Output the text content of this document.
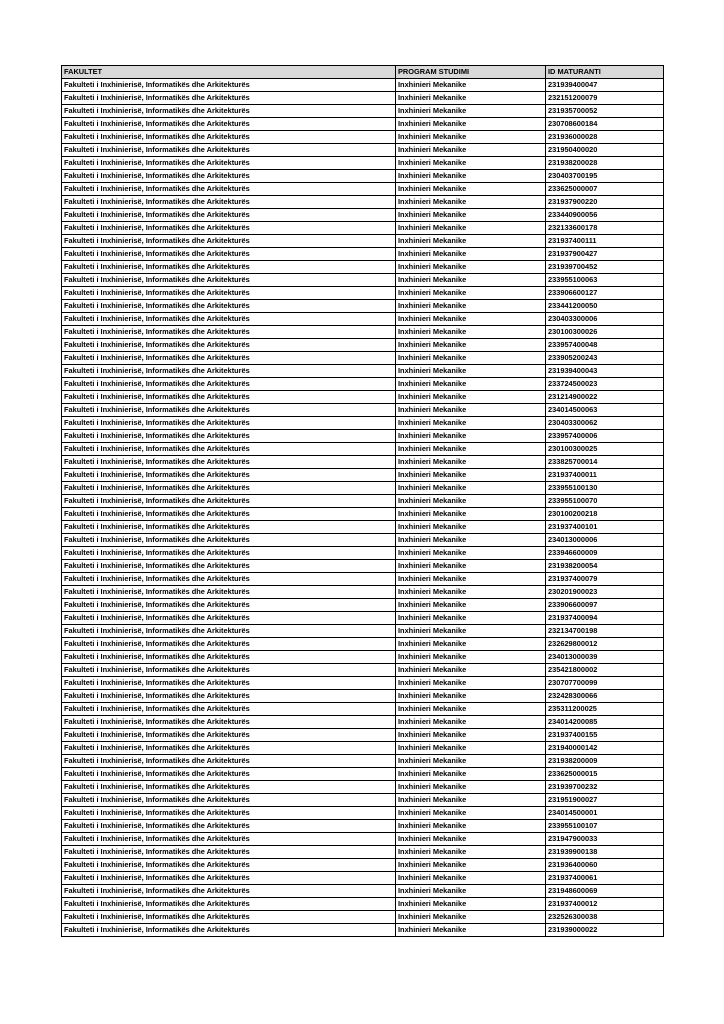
FAKULTET	PROGRAM STUDIMI	ID MATURANTI
Fakulteti i Inxhinierisë, Informatikës dhe Arkitekturës	Inxhinieri Mekanike	231939400047
Fakulteti i Inxhinierisë, Informatikës dhe Arkitekturës	Inxhinieri Mekanike	232151200079
Fakulteti i Inxhinierisë, Informatikës dhe Arkitekturës	Inxhinieri Mekanike	231935700052
Fakulteti i Inxhinierisë, Informatikës dhe Arkitekturës	Inxhinieri Mekanike	230708600184
Fakulteti i Inxhinierisë, Informatikës dhe Arkitekturës	Inxhinieri Mekanike	231936000028
Fakulteti i Inxhinierisë, Informatikës dhe Arkitekturës	Inxhinieri Mekanike	231950400020
Fakulteti i Inxhinierisë, Informatikës dhe Arkitekturës	Inxhinieri Mekanike	231938200028
Fakulteti i Inxhinierisë, Informatikës dhe Arkitekturës	Inxhinieri Mekanike	230403700195
Fakulteti i Inxhinierisë, Informatikës dhe Arkitekturës	Inxhinieri Mekanike	233625000007
Fakulteti i Inxhinierisë, Informatikës dhe Arkitekturës	Inxhinieri Mekanike	231937900220
Fakulteti i Inxhinierisë, Informatikës dhe Arkitekturës	Inxhinieri Mekanike	233440900056
Fakulteti i Inxhinierisë, Informatikës dhe Arkitekturës	Inxhinieri Mekanike	232133600178
Fakulteti i Inxhinierisë, Informatikës dhe Arkitekturës	Inxhinieri Mekanike	231937400111
Fakulteti i Inxhinierisë, Informatikës dhe Arkitekturës	Inxhinieri Mekanike	231937900427
Fakulteti i Inxhinierisë, Informatikës dhe Arkitekturës	Inxhinieri Mekanike	231939700452
Fakulteti i Inxhinierisë, Informatikës dhe Arkitekturës	Inxhinieri Mekanike	233955100063
Fakulteti i Inxhinierisë, Informatikës dhe Arkitekturës	Inxhinieri Mekanike	233906600127
Fakulteti i Inxhinierisë, Informatikës dhe Arkitekturës	Inxhinieri Mekanike	233441200050
Fakulteti i Inxhinierisë, Informatikës dhe Arkitekturës	Inxhinieri Mekanike	230403300006
Fakulteti i Inxhinierisë, Informatikës dhe Arkitekturës	Inxhinieri Mekanike	230100300026
Fakulteti i Inxhinierisë, Informatikës dhe Arkitekturës	Inxhinieri Mekanike	233957400048
Fakulteti i Inxhinierisë, Informatikës dhe Arkitekturës	Inxhinieri Mekanike	233905200243
Fakulteti i Inxhinierisë, Informatikës dhe Arkitekturës	Inxhinieri Mekanike	231939400043
Fakulteti i Inxhinierisë, Informatikës dhe Arkitekturës	Inxhinieri Mekanike	233724500023
Fakulteti i Inxhinierisë, Informatikës dhe Arkitekturës	Inxhinieri Mekanike	231214900022
Fakulteti i Inxhinierisë, Informatikës dhe Arkitekturës	Inxhinieri Mekanike	234014500063
Fakulteti i Inxhinierisë, Informatikës dhe Arkitekturës	Inxhinieri Mekanike	230403300062
Fakulteti i Inxhinierisë, Informatikës dhe Arkitekturës	Inxhinieri Mekanike	233957400006
Fakulteti i Inxhinierisë, Informatikës dhe Arkitekturës	Inxhinieri Mekanike	230100300025
Fakulteti i Inxhinierisë, Informatikës dhe Arkitekturës	Inxhinieri Mekanike	233825700014
Fakulteti i Inxhinierisë, Informatikës dhe Arkitekturës	Inxhinieri Mekanike	231937400011
Fakulteti i Inxhinierisë, Informatikës dhe Arkitekturës	Inxhinieri Mekanike	233955100130
Fakulteti i Inxhinierisë, Informatikës dhe Arkitekturës	Inxhinieri Mekanike	233955100070
Fakulteti i Inxhinierisë, Informatikës dhe Arkitekturës	Inxhinieri Mekanike	230100200218
Fakulteti i Inxhinierisë, Informatikës dhe Arkitekturës	Inxhinieri Mekanike	231937400101
Fakulteti i Inxhinierisë, Informatikës dhe Arkitekturës	Inxhinieri Mekanike	234013000006
Fakulteti i Inxhinierisë, Informatikës dhe Arkitekturës	Inxhinieri Mekanike	233946600009
Fakulteti i Inxhinierisë, Informatikës dhe Arkitekturës	Inxhinieri Mekanike	231938200054
Fakulteti i Inxhinierisë, Informatikës dhe Arkitekturës	Inxhinieri Mekanike	231937400079
Fakulteti i Inxhinierisë, Informatikës dhe Arkitekturës	Inxhinieri Mekanike	230201900023
Fakulteti i Inxhinierisë, Informatikës dhe Arkitekturës	Inxhinieri Mekanike	233906600097
Fakulteti i Inxhinierisë, Informatikës dhe Arkitekturës	Inxhinieri Mekanike	231937400094
Fakulteti i Inxhinierisë, Informatikës dhe Arkitekturës	Inxhinieri Mekanike	232134700198
Fakulteti i Inxhinierisë, Informatikës dhe Arkitekturës	Inxhinieri Mekanike	232629800012
Fakulteti i Inxhinierisë, Informatikës dhe Arkitekturës	Inxhinieri Mekanike	234013000039
Fakulteti i Inxhinierisë, Informatikës dhe Arkitekturës	Inxhinieri Mekanike	235421800002
Fakulteti i Inxhinierisë, Informatikës dhe Arkitekturës	Inxhinieri Mekanike	230707700099
Fakulteti i Inxhinierisë, Informatikës dhe Arkitekturës	Inxhinieri Mekanike	232428300066
Fakulteti i Inxhinierisë, Informatikës dhe Arkitekturës	Inxhinieri Mekanike	235311200025
Fakulteti i Inxhinierisë, Informatikës dhe Arkitekturës	Inxhinieri Mekanike	234014200085
Fakulteti i Inxhinierisë, Informatikës dhe Arkitekturës	Inxhinieri Mekanike	231937400155
Fakulteti i Inxhinierisë, Informatikës dhe Arkitekturës	Inxhinieri Mekanike	231940000142
Fakulteti i Inxhinierisë, Informatikës dhe Arkitekturës	Inxhinieri Mekanike	231938200009
Fakulteti i Inxhinierisë, Informatikës dhe Arkitekturës	Inxhinieri Mekanike	233625000015
Fakulteti i Inxhinierisë, Informatikës dhe Arkitekturës	Inxhinieri Mekanike	231939700232
Fakulteti i Inxhinierisë, Informatikës dhe Arkitekturës	Inxhinieri Mekanike	231951900027
Fakulteti i Inxhinierisë, Informatikës dhe Arkitekturës	Inxhinieri Mekanike	234014500001
Fakulteti i Inxhinierisë, Informatikës dhe Arkitekturës	Inxhinieri Mekanike	233955100107
Fakulteti i Inxhinierisë, Informatikës dhe Arkitekturës	Inxhinieri Mekanike	231947900033
Fakulteti i Inxhinierisë, Informatikës dhe Arkitekturës	Inxhinieri Mekanike	231939900138
Fakulteti i Inxhinierisë, Informatikës dhe Arkitekturës	Inxhinieri Mekanike	231936400060
Fakulteti i Inxhinierisë, Informatikës dhe Arkitekturës	Inxhinieri Mekanike	231937400061
Fakulteti i Inxhinierisë, Informatikës dhe Arkitekturës	Inxhinieri Mekanike	231948600069
Fakulteti i Inxhinierisë, Informatikës dhe Arkitekturës	Inxhinieri Mekanike	231937400012
Fakulteti i Inxhinierisë, Informatikës dhe Arkitekturës	Inxhinieri Mekanike	232526300038
Fakulteti i Inxhinierisë, Informatikës dhe Arkitekturës	Inxhinieri Mekanike	231939000022
